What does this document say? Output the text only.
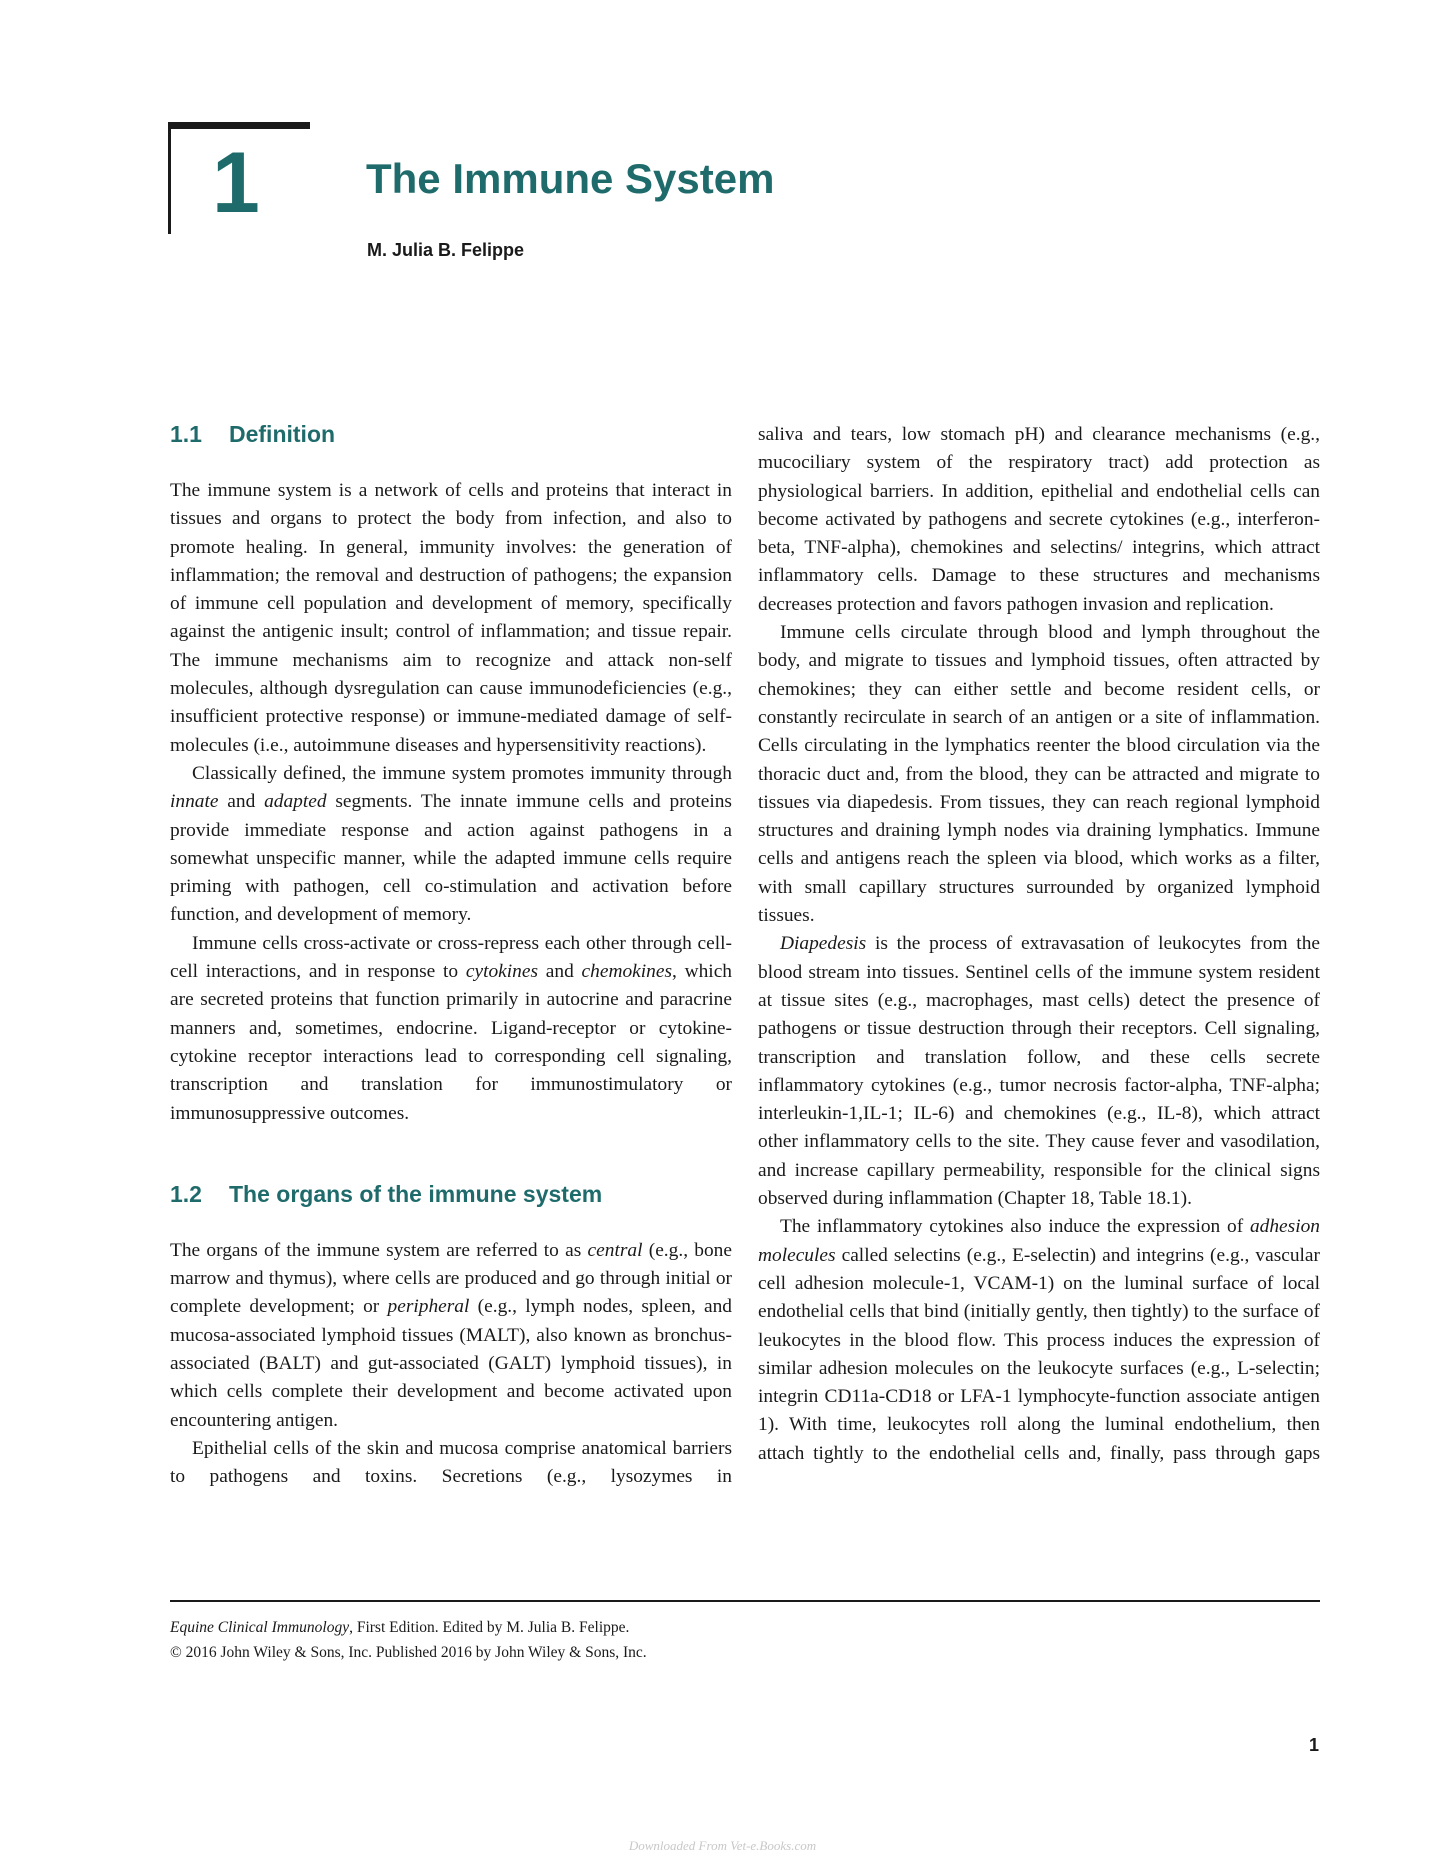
1	The Immune System
M. Julia B. Felippe
1.1 Definition

The immune system is a network of cells and proteins that interact in tissues and organs to protect the body from infection, and also to promote healing. In general, immunity involves: the generation of inflammation; the removal and destruction of pathogens; the expansion of immune cell population and development of memory, specifically against the antigenic insult; control of inflammation; and tissue repair. The immune mechanisms aim to recognize and attack non-self molecules, although dysregulation can cause immunodeficiencies (e.g., insufficient protective response) or immune-mediated damage of self-molecules (i.e., autoimmune diseases and hypersensitivity reactions).

Classically defined, the immune system promotes immunity through innate and adapted segments. The innate immune cells and proteins provide immediate response and action against pathogens in a somewhat unspecific manner, while the adapted immune cells require priming with pathogen, cell co-stimulation and activation before function, and development of memory.

Immune cells cross-activate or cross-repress each other through cell-cell interactions, and in response to cytokines and chemokines, which are secreted proteins that function primarily in autocrine and paracrine manners and, sometimes, endocrine. Ligand-receptor or cytokine-cytokine receptor interactions lead to corresponding cell signaling, transcription and translation for immunostimulatory or immunosuppressive outcomes.

1.2 The organs of the immune system

The organs of the immune system are referred to as central (e.g., bone marrow and thymus), where cells are produced and go through initial or complete development; or peripheral (e.g., lymph nodes, spleen, and mucosa-associated lymphoid tissues (MALT), also known as bronchus-associated (BALT) and gut-associated (GALT) lymphoid tissues), in which cells complete their development and become activated upon encountering antigen.

Epithelial cells of the skin and mucosa comprise anatomical barriers to pathogens and toxins. Secretions (e.g., lysozymes in

saliva and tears, low stomach pH) and clearance mechanisms (e.g., mucociliary system of the respiratory tract) add protection as physiological barriers. In addition, epithelial and endothelial cells can become activated by pathogens and secrete cytokines (e.g., interferon-beta, TNF-alpha), chemokines and selectins/ integrins, which attract inflammatory cells. Damage to these structures and mechanisms decreases protection and favors pathogen invasion and replication.

Immune cells circulate through blood and lymph throughout the body, and migrate to tissues and lymphoid tissues, often attracted by chemokines; they can either settle and become resident cells, or constantly recirculate in search of an antigen or a site of inflammation. Cells circulating in the lymphatics reenter the blood circulation via the thoracic duct and, from the blood, they can be attracted and migrate to tissues via diapedesis. From tissues, they can reach regional lymphoid structures and draining lymph nodes via draining lymphatics. Immune cells and antigens reach the spleen via blood, which works as a filter, with small capillary structures surrounded by organized lymphoid tissues.

Diapedesis is the process of extravasation of leukocytes from the blood stream into tissues. Sentinel cells of the immune system resident at tissue sites (e.g., macrophages, mast cells) detect the presence of pathogens or tissue destruction through their receptors. Cell signaling, transcription and translation follow, and these cells secrete inflammatory cytokines (e.g., tumor necrosis factor-alpha, TNF-alpha; interleukin-1,IL-1; IL-6) and chemokines (e.g., IL-8), which attract other inflammatory cells to the site. They cause fever and vasodilation, and increase capillary permeability, responsible for the clinical signs observed during inflammation (Chapter 18, Table 18.1).

The inflammatory cytokines also induce the expression of adhesion molecules called selectins (e.g., E-selectin) and integrins (e.g., vascular cell adhesion molecule-1, VCAM-1) on the luminal surface of local endothelial cells that bind (initially gently, then tightly) to the surface of leukocytes in the blood flow. This process induces the expression of similar adhesion molecules on the leukocyte surfaces (e.g., L-selectin; integrin CD11a-CD18 or LFA-1 lymphocyte-function associate antigen 1). With time, leukocytes roll along the luminal endothelium, then attach tightly to the endothelial cells and, finally, pass through gaps

Equine Clinical Immunology, First Edition. Edited by M. Julia B. Felippe.
© 2016 John Wiley & Sons, Inc. Published 2016 by John Wiley & Sons, Inc.
1
Downloaded From Vet-e.Books.com
